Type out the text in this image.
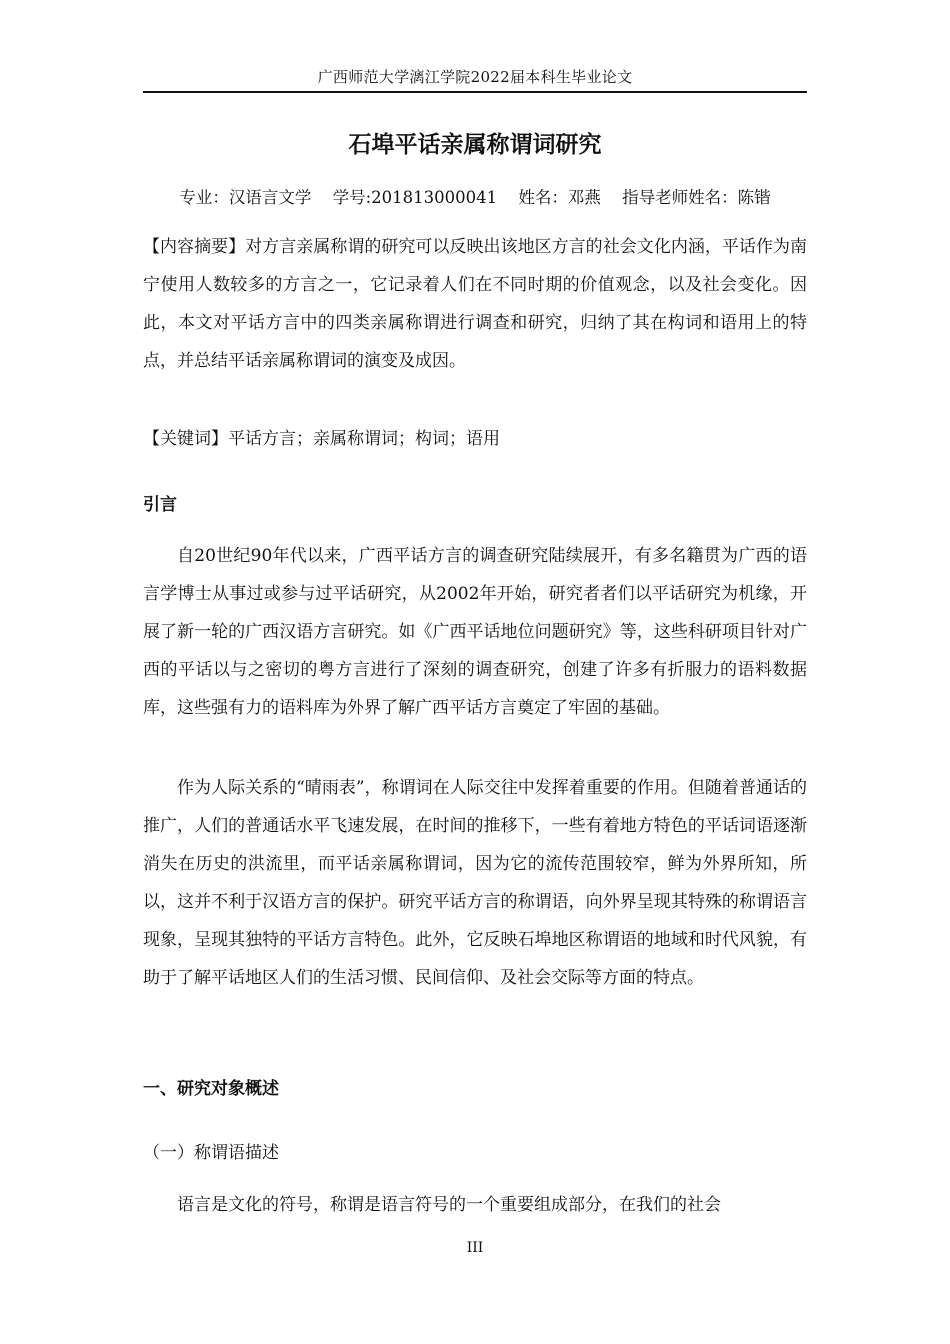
广西师范大学漓江学院2022届本科生毕业论文
石埠平话亲属称谓词研究
专业：汉语言文学 学号:201813000041 姓名：邓燕 指导老师姓名：陈锴
【内容摘要】对方言亲属称谓的研究可以反映出该地区方言的社会文化内涵，平话作为南宁使用人数较多的方言之一，它记录着人们在不同时期的价值观念，以及社会变化。因此，本文对平话方言中的四类亲属称谓进行调查和研究，归纳了其在构词和语用上的特点，并总结平话亲属称谓词的演变及成因。
【关键词】平话方言；亲属称谓词；构词；语用
引言
自20世纪90年代以来，广西平话方言的调查研究陆续展开，有多名籍贯为广西的语言学博士从事过或参与过平话研究，从2002年开始，研究者者们以平话研究为机缘，开展了新一轮的广西汉语方言研究。如《广西平话地位问题研究》等，这些科研项目针对广西的平话以与之密切的粤方言进行了深刻的调查研究，创建了许多有折服力的语料数据库，这些强有力的语料库为外界了解广西平话方言奠定了牢固的基础。
作为人际关系的“晴雨表”，称谓词在人际交往中发挥着重要的作用。但随着普通话的推广，人们的普通话水平飞速发展，在时间的推移下，一些有着地方特色的平话词语逐渐消失在历史的洪流里，而平话亲属称谓词，因为它的流传范围较窄，鲜为外界所知，所以，这并不利于汉语方言的保护。研究平话方言的称谓语，向外界呈现其特殊的称谓语言现象，呈现其独特的平话方言特色。此外，它反映石埠地区称谓语的地域和时代风貌，有助于了解平话地区人们的生活习惯、民间信仰、及社会交际等方面的特点。
一、研究对象概述
（一）称谓语描述
语言是文化的符号，称谓是语言符号的一个重要组成部分，在我们的社会
III
